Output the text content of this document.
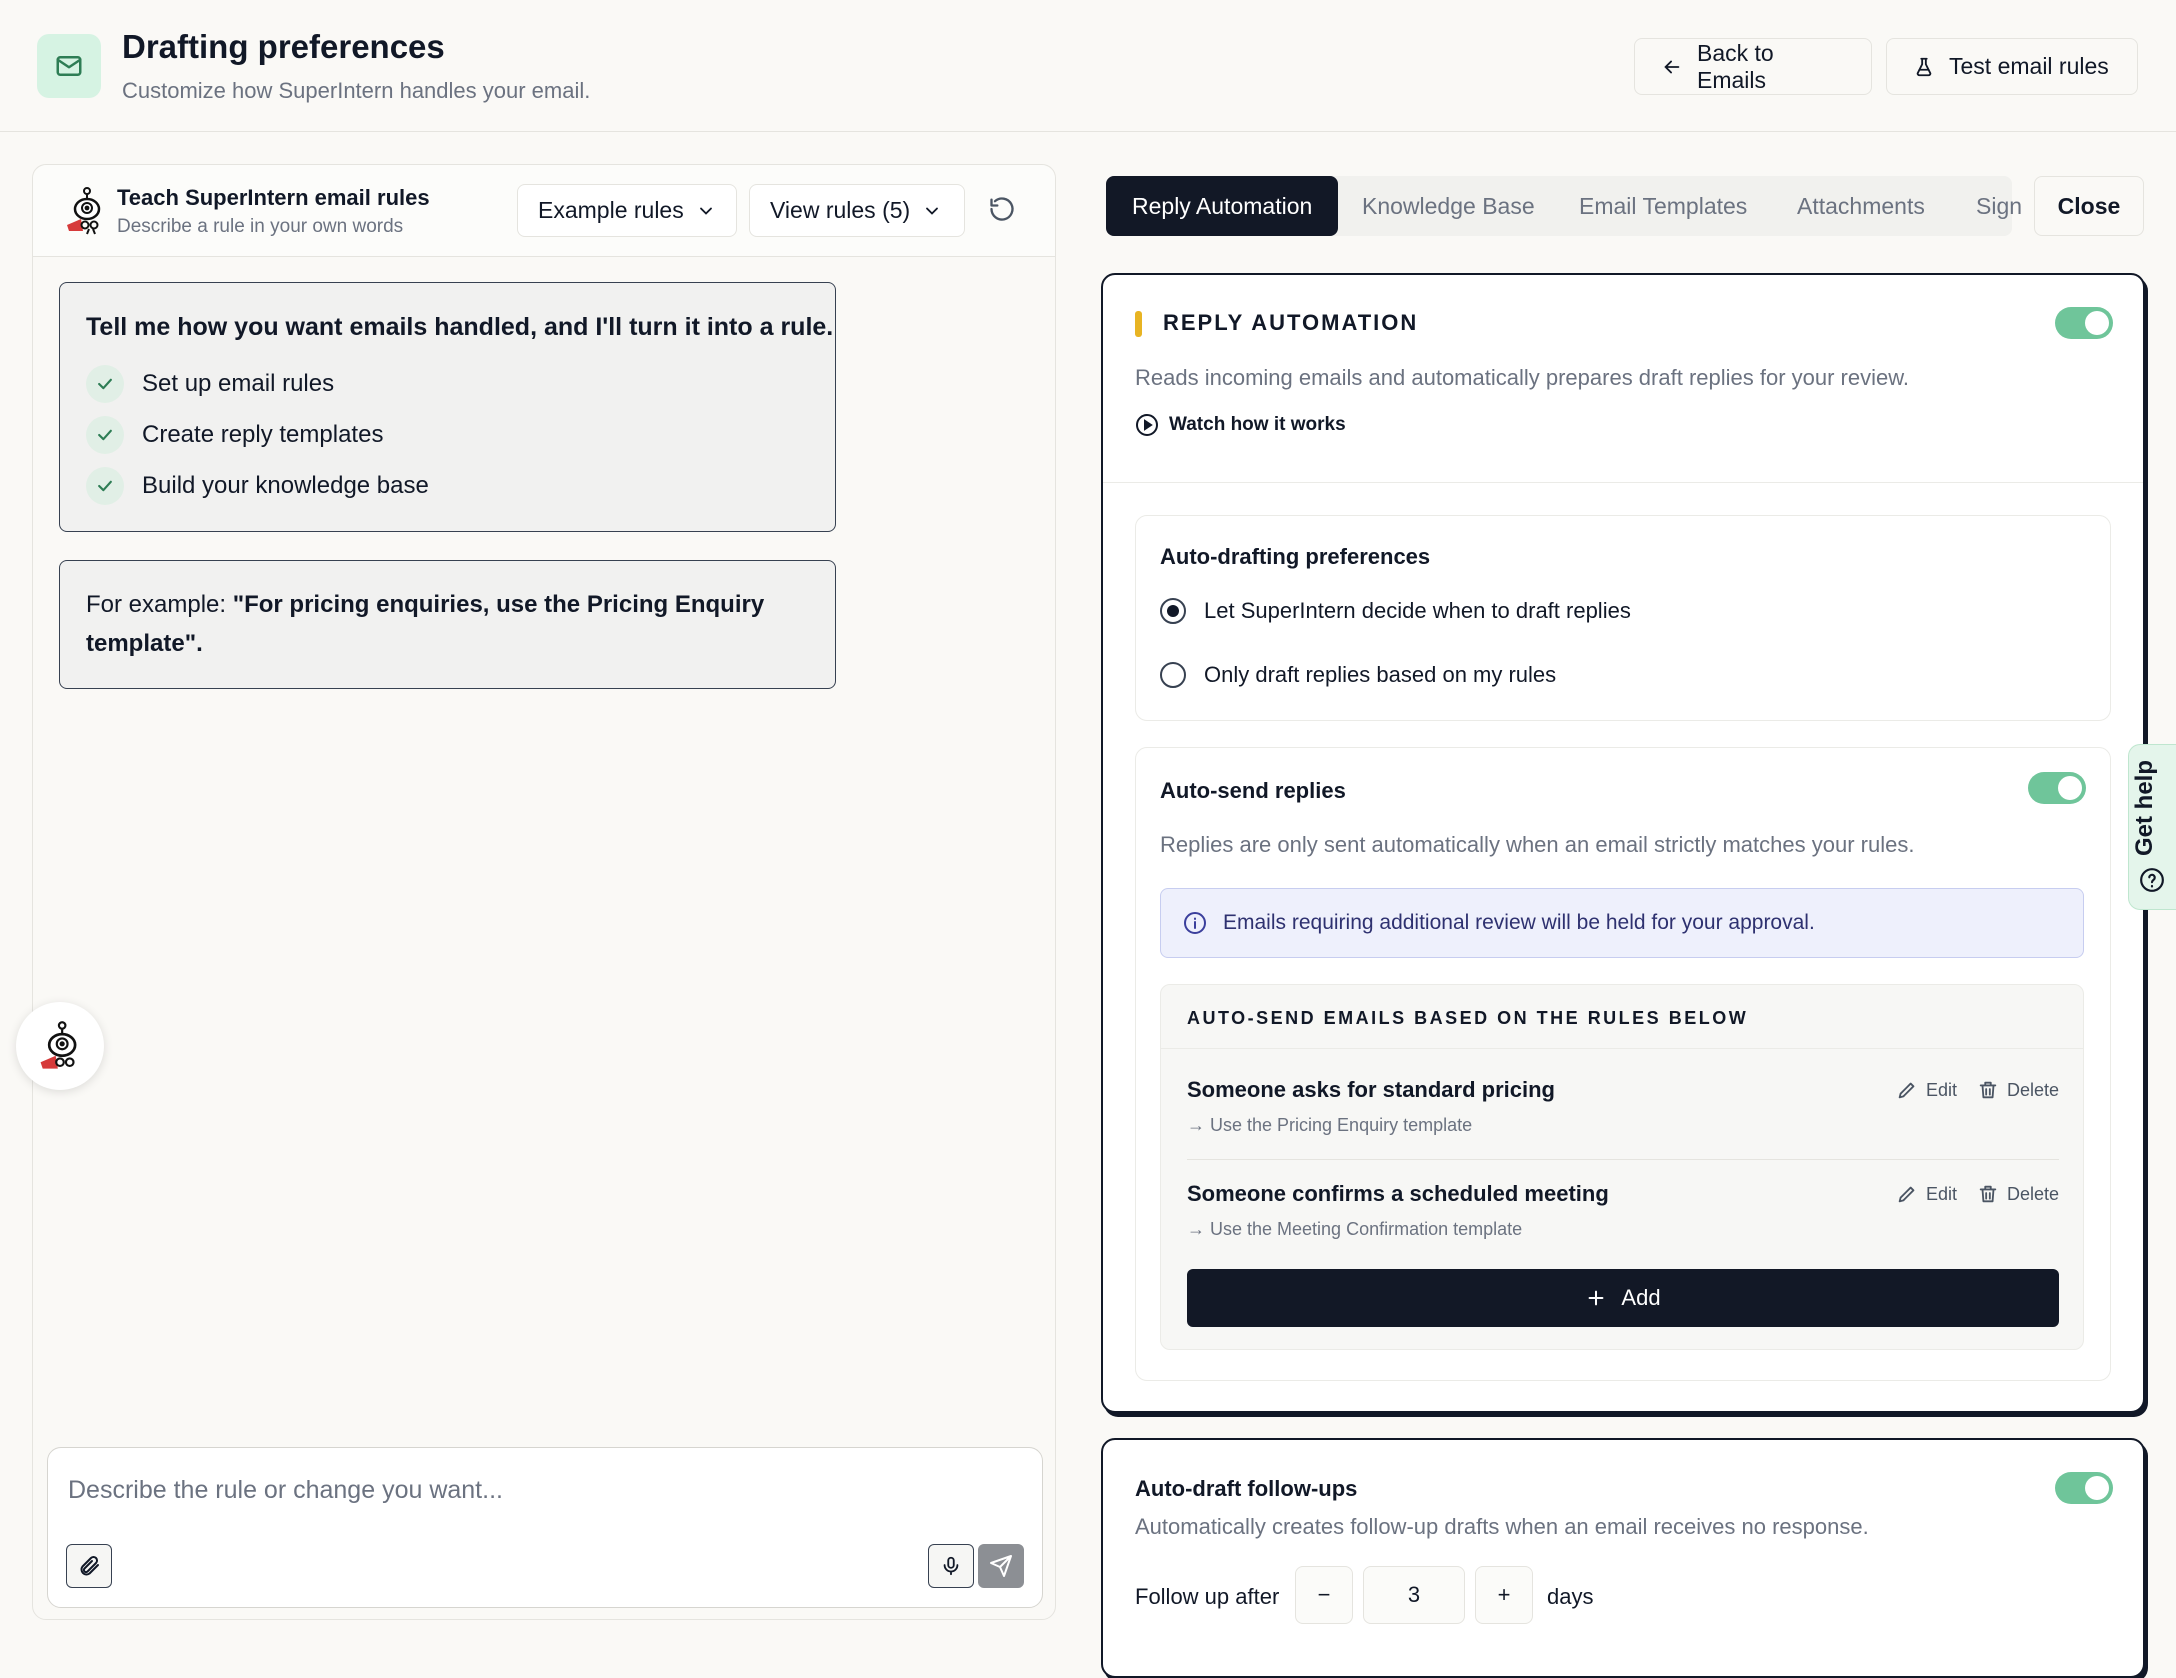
Drafting preferences
Customize how SuperIntern handles your email.
Back to Emails
Test email rules
Teach SuperIntern email rules
Describe a rule in your own words
Example rules	View rules (5)
Tell me how you want emails handled, and I'll turn it into a rule.
Set up email rules
Create reply templates
Build your knowledge base
For example: "For pricing enquiries, use the Pricing Enquiry template".
Describe the rule or change you want...
Reply Automation	Knowledge Base Email Templates Attachments Sign	Close
REPLY AUTOMATION
Reads incoming emails and automatically prepares draft replies for your review.
Watch how it works
Auto-drafting preferences
Let SuperIntern decide when to draft replies
Only draft replies based on my rules
Auto-send replies
Replies are only sent automatically when an email strictly matches your rules.
Emails requiring additional review will be held for your approval.
AUTO-SEND EMAILS BASED ON THE RULES BELOW
Someone asks for standard pricing
→ Use the Pricing Enquiry template
Edit	Delete
Someone confirms a scheduled meeting
→ Use the Meeting Confirmation template
Edit	Delete
Add
Auto-draft follow-ups
Automatically creates follow-up drafts when an email receives no response.
Follow up after	−	3	+	days
Get help
